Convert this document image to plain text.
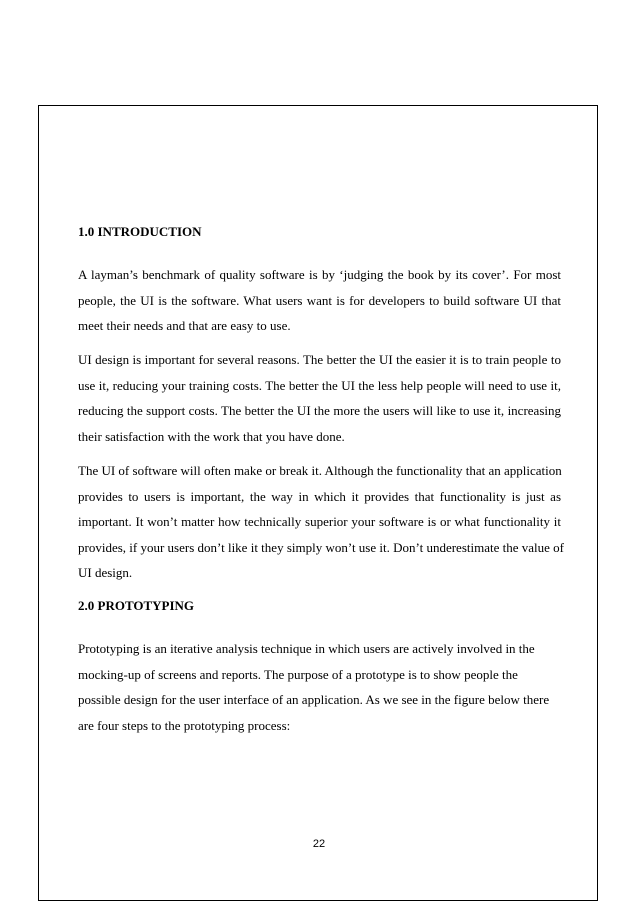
1.0 INTRODUCTION

A layman’s benchmark of quality software is by ‘judging the book by its cover’. For most
people, the UI is the software. What users want is for developers to build software UI that
meet their needs and that are easy to use.

UI design is important for several reasons. The better the UI the easier it is to train people to
use it, reducing your training costs. The better the UI the less help people will need to use it,
reducing the support costs. The better the UI the more the users will like to use it, increasing
their satisfaction with the work that you have done.

The UI of software will often make or break it. Although the functionality that an application
provides to users is important, the way in which it provides that functionality is just as
important. It won’t matter how technically superior your software is or what functionality it
provides, if your users don’t like it they simply won’t use it. Don’t underestimate the value of
UI design.

2.0 PROTOTYPING

Prototyping is an iterative analysis technique in which users are actively involved in the
mocking-up of screens and reports. The purpose of a prototype is to show people the
possible design for the user interface of an application. As we see in the figure below there
are four steps to the prototyping process:

22
